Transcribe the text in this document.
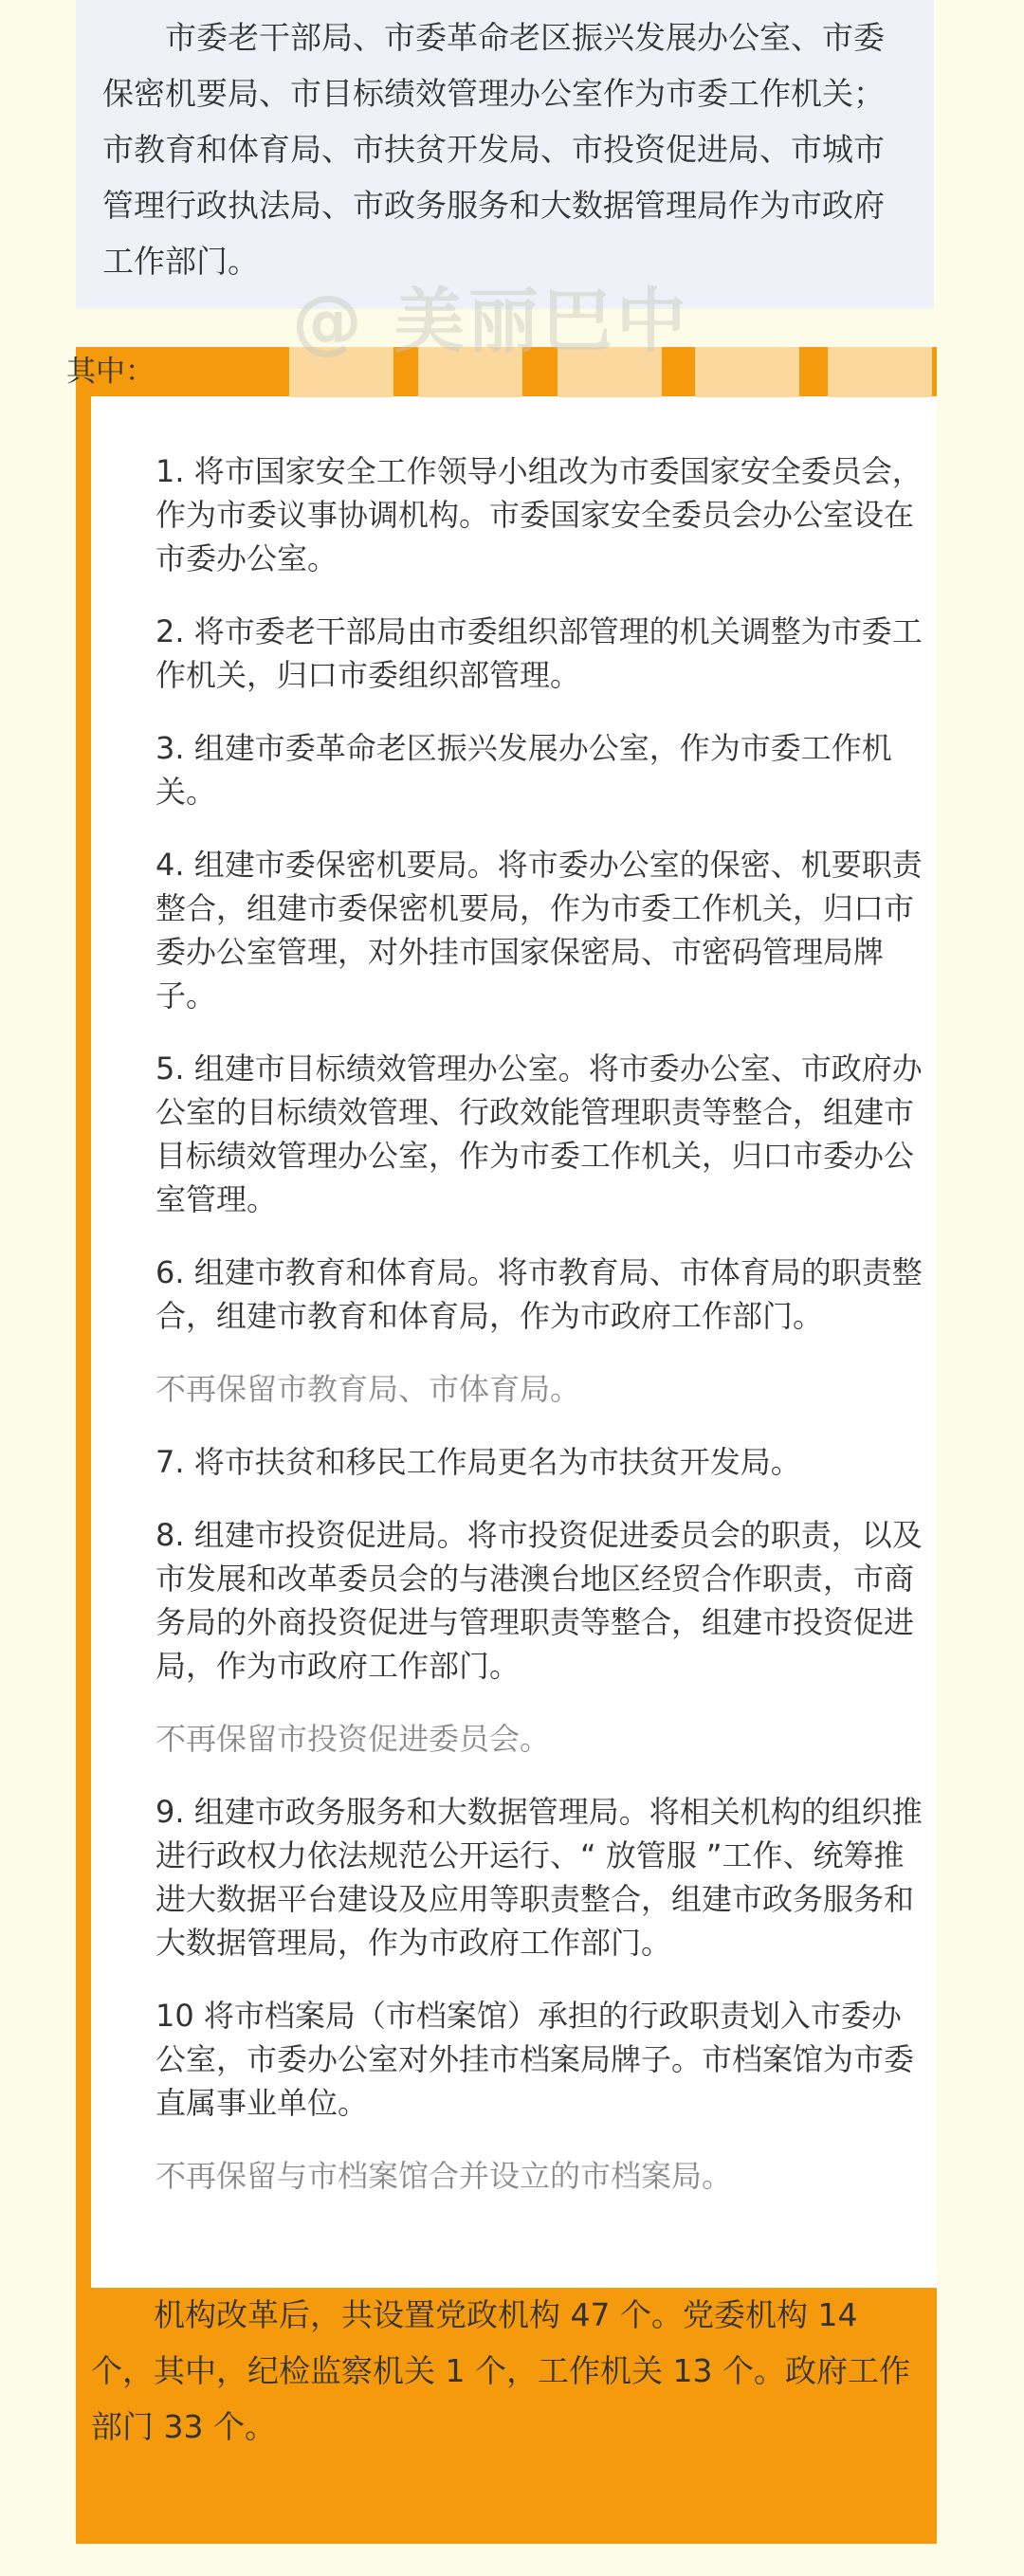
市委老干部局、市委革命老区振兴发展办公室、市委保密机要局、市目标绩效管理办公室作为市委工作机关；市教育和体育局、市扶贫开发局、市投资促进局、市城市管理行政执法局、市政务服务和大数据管理局作为市政府工作部门。

其中：
@ 美丽巴中

1. 将市国家安全工作领导小组改为市委国家安全委员会，作为市委议事协调机构。市委国家安全委员会办公室设在市委办公室。

2. 将市委老干部局由市委组织部管理的机关调整为市委工作机关，归口市委组织部管理。

3. 组建市委革命老区振兴发展办公室，作为市委工作机关。

4. 组建市委保密机要局。将市委办公室的保密、机要职责整合，组建市委保密机要局，作为市委工作机关，归口市委办公室管理，对外挂市国家保密局、市密码管理局牌子。

5. 组建市目标绩效管理办公室。将市委办公室、市政府办公室的目标绩效管理、行政效能管理职责等整合，组建市目标绩效管理办公室，作为市委工作机关，归口市委办公室管理。

6. 组建市教育和体育局。将市教育局、市体育局的职责整合，组建市教育和体育局，作为市政府工作部门。

不再保留市教育局、市体育局。

7. 将市扶贫和移民工作局更名为市扶贫开发局。

8. 组建市投资促进局。将市投资促进委员会的职责，以及市发展和改革委员会的与港澳台地区经贸合作职责，市商务局的外商投资促进与管理职责等整合，组建市投资促进 局，作为市政府工作部门。

不再保留市投资促进委员会。

9. 组建市政务服务和大数据管理局。将相关机构的组织推进行政权力依法规范公开运行、“ 放管服 ”工作、统筹推进大数据平台建设及应用等职责整合，组建市政务服务和大数据管理局，作为市政府工作部门。

10 将市档案局（市档案馆）承担的行政职责划入市委办公室，市委办公室对外挂市档案局牌子。市档案馆为市委直属事业单位。

不再保留与市档案馆合并设立的市档案局。

机构改革后，共设置党政机构 47 个。党委机构 14 个，其中，纪检监察机关 1 个，工作机关 13 个。政府工作部门 33 个。
